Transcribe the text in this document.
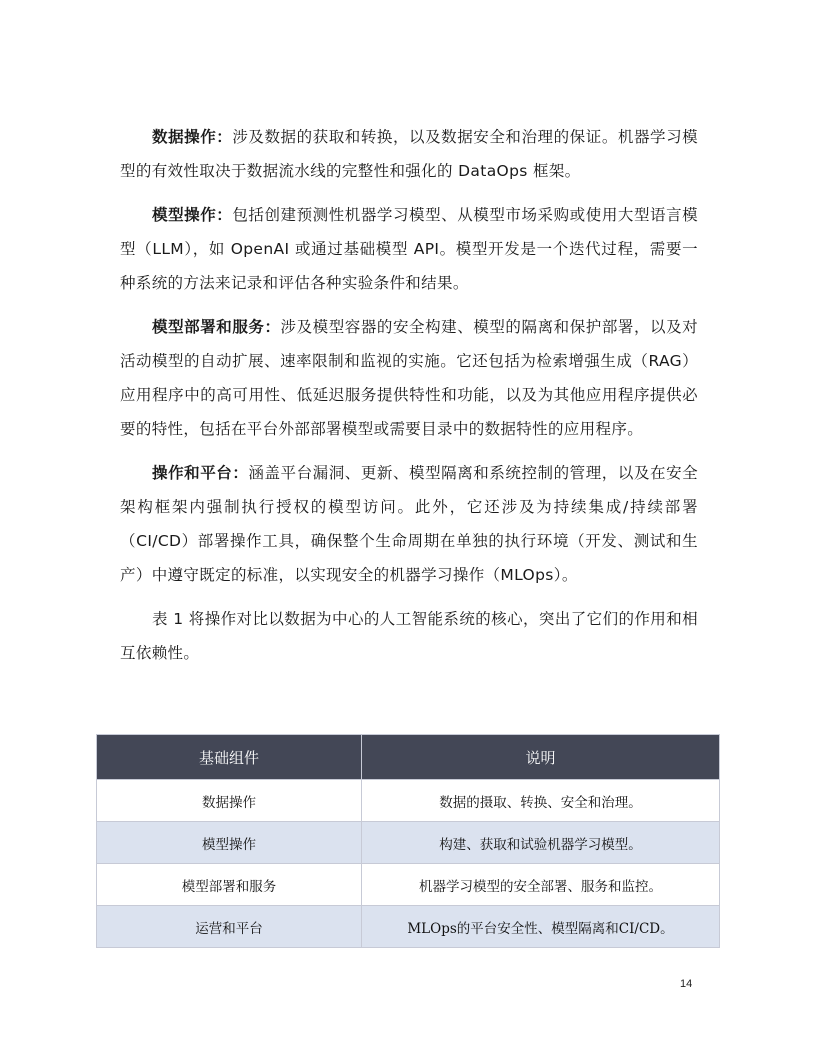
数据操作：涉及数据的获取和转换，以及数据安全和治理的保证。机器学习模型的有效性取决于数据流水线的完整性和强化的 DataOps 框架。

模型操作：包括创建预测性机器学习模型、从模型市场采购或使用大型语言模型（LLM），如 OpenAI 或通过基础模型 API。模型开发是一个迭代过程，需要一种系统的方法来记录和评估各种实验条件和结果。

模型部署和服务：涉及模型容器的安全构建、模型的隔离和保护部署，以及对活动模型的自动扩展、速率限制和监视的实施。它还包括为检索增强生成（RAG）应用程序中的高可用性、低延迟服务提供特性和功能，以及为其他应用程序提供必要的特性，包括在平台外部部署模型或需要目录中的数据特性的应用程序。

操作和平台：涵盖平台漏洞、更新、模型隔离和系统控制的管理，以及在安全架构框架内强制执行授权的模型访问。此外，它还涉及为持续集成/持续部署（CI/CD）部署操作工具，确保整个生命周期在单独的执行环境（开发、测试和生产）中遵守既定的标准，以实现安全的机器学习操作（MLOps）。

表 1 将操作对比以数据为中心的人工智能系统的核心，突出了它们的作用和相互依赖性。

基础组件	说明
数据操作	数据的摄取、转换、安全和治理。
模型操作	构建、获取和试验机器学习模型。
模型部署和服务	机器学习模型的安全部署、服务和监控。
运营和平台	MLOps的平台安全性、模型隔离和CI/CD。
14
